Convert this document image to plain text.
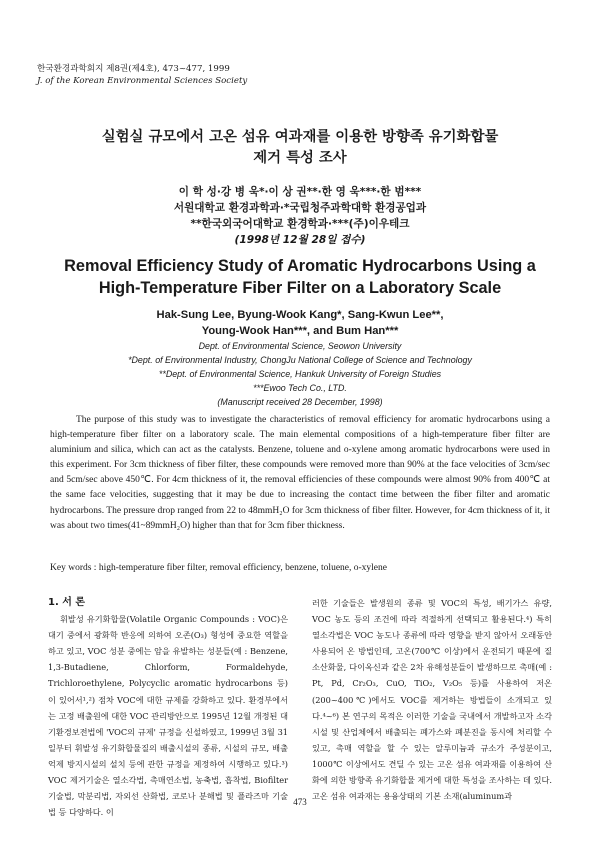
한국환경과학회지 제8권(제4호), 473~477, 1999
J. of the Korean Environmental Sciences Society
실험실 규모에서 고온 섬유 여과재를 이용한 방향족 유기화합물
제거 특성 조사
이 학 성·강 병 욱*·이 상 권**·한 영 욱***·한 범***
서원대학교 환경과학과·*국립청주과학대학 환경공업과
**한국외국어대학교 환경학과·***(주)이우테크
(1998년 12월 28일 접수)
Removal Efficiency Study of Aromatic Hydrocarbons Using a
High-Temperature Fiber Filter on a Laboratory Scale
Hak-Sung Lee, Byung-Wook Kang*, Sang-Kwun Lee**,
Young-Wook Han***, and Bum Han***
Dept. of Environmental Science, Seowon University
*Dept. of Environmental Industry, ChongJu National College of Science and Technology
**Dept. of Environmental Science, Hankuk University of Foreign Studies
***Ewoo Tech Co., LTD.
(Manuscript received 28 December, 1998)

The purpose of this study was to investigate the characteristics of removal efficiency for aromatic hydrocarbons using a high-temperature fiber filter on a laboratory scale. The main elemental compositions of a high-temperature fiber filter are aluminium and silica, which can act as the catalysts. Benzene, toluene and o-xylene among aromatic hydrocarbons were used in this experiment. For 3cm thickness of fiber filter, these compounds were removed more than 90% at the face velocities of 3cm/sec and 5cm/sec above 450℃. For 4cm thickness of it, the removal efficiencies of these compounds were almost 90% from 400℃ at the same face velocities, suggesting that it may be due to increasing the contact time between the fiber filter and aromatic hydrocarbons. The pressure drop ranged from 22 to 48mmH₂O for 3cm thickness of fiber filter. However, for 4cm thickness of it, it was about two times(41~89mmH₂O) higher than that for 3cm fiber thickness.

Key words : high-temperature fiber filter, removal efficiency, benzene, toluene, o-xylene
1. 서 론

휘발성 유기화합물(Volatile Organic Compounds : VOC)은 대기 중에서 광화학 반응에 의하여 오존(O₃) 형성에 중요한 역할을 하고 있고, VOC 성분 중에는 암을 유발하는 성분들(예 : Benzene, 1,3-Butadiene, Chlorform, Formaldehyde, Trichloroethylene, Polycyclic aromatic hydrocarbons 등)이 있어서¹,²) 점차 VOC에 대한 규제를 강화하고 있다. 환경부에서는 고정 배출원에 대한 VOC 관리방안으로 1995년 12월 개정된 대기환경보전법에 'VOC의 규제' 규정을 신설하였고, 1999년 3월 31일부터 휘발성 유기화합물질의 배출시설의 종류, 시설의 규모, 배출억제 방지시설의 설치 등에 관한 규정을 제정하여 시행하고 있다.³) VOC 제거기술은 열소각법, 촉매연소법, 농축법, 흡착법, Biofilter 기술법, 막분리법, 자외선 산화법, 코로나 분해법 및 플라즈마 기술법 등 다양하다. 이

러한 기술들은 발생원의 종류 및 VOC의 특성, 배기가스 유량, VOC 농도 등의 조건에 따라 적절하게 선택되고 활용된다.⁴) 특히 열소각법은 VOC 농도나 종류에 따라 영향을 받지 않아서 오래동안 사용되어 온 방법인데, 고온(700℃ 이상)에서 운전되기 때문에 질소산화물, 다이옥신과 같은 2차 유해성분들이 발생하므로 촉매(예 : Pt, Pd, Cr₂O₃, CuO, TiO₂, V₂O₅ 등)를 사용하여 저온(200~400℃)에서도 VOC를 제거하는 방법들이 소개되고 있다.⁴~⁶) 본 연구의 목적은 이러한 기술을 국내에서 개발하고자 소각시설 및 산업체에서 배출되는 폐가스와 폐분진을 동시에 처리할 수 있고, 촉매 역할을 할 수 있는 알루미늄과 규소가 주성분이고, 1000℃ 이상에서도 견딜 수 있는 고온 섬유 여과재를 이용하여 산화에 의한 방향족 유기화합물 제거에 대한 특성을 조사하는 데 있다. 고온 섬유 여과재는 용융상태의 기본 소재(aluminum과

473
